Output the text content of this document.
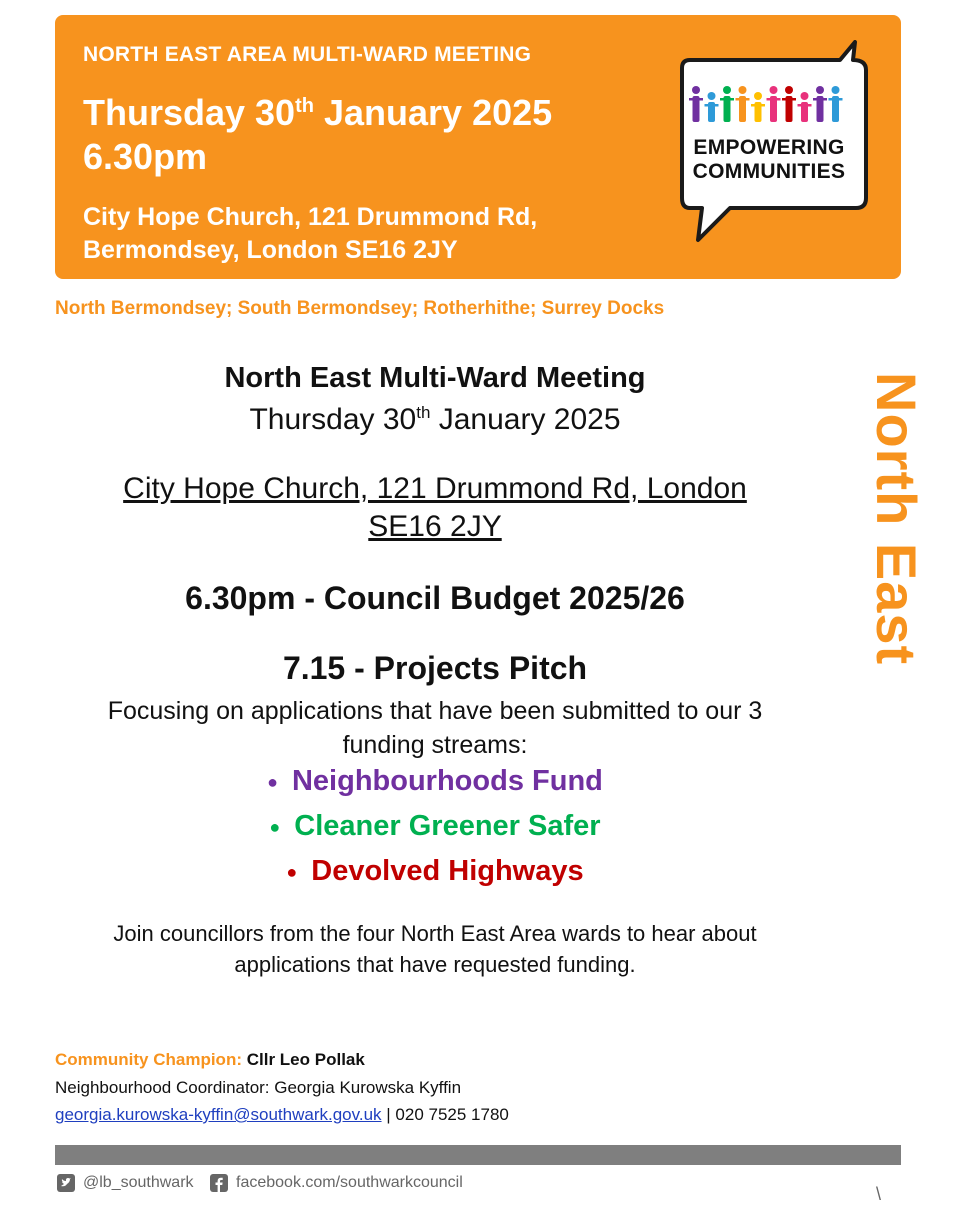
NORTH EAST AREA MULTI-WARD MEETING
Thursday 30th January 2025
6.30pm
City Hope Church, 121 Drummond Rd,
Bermondsey, London SE16 2JY
EMPOWERING
COMMUNITIES
North Bermondsey; South Bermondsey; Rotherhithe; Surrey Docks
North East
North East Multi-Ward Meeting
Thursday 30th January 2025
City Hope Church, 121 Drummond Rd, London
SE16 2JY
6.30pm - Council Budget 2025/26
7.15 - Projects Pitch
Focusing on applications that have been submitted to our 3
funding streams:
● Neighbourhoods Fund
● Cleaner Greener Safer
● Devolved Highways
Join councillors from the four North East Area wards to hear about
applications that have requested funding.
Community Champion: Cllr Leo Pollak
Neighbourhood Coordinator: Georgia Kurowska Kyffin
georgia.kurowska-kyffin@southwark.gov.uk | 020 7525 1780
@lb_southwark	facebook.com/southwarkcouncil
\
